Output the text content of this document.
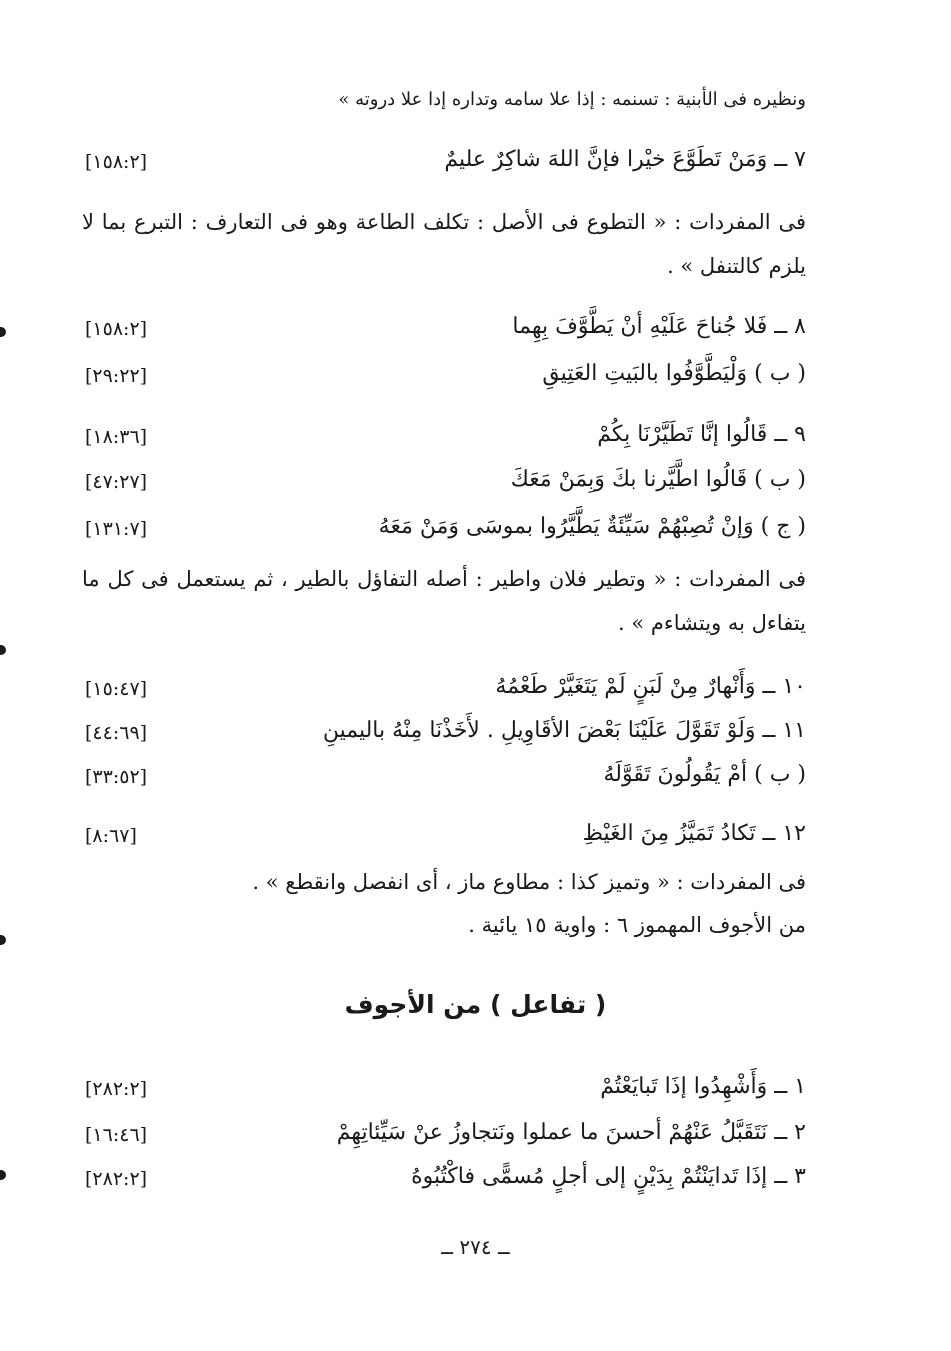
ونظيره فى الأبنية : تسنمه : إذا علا سامه وتداره إدا علا دروته »
٧ ــ وَمَنْ تَطَوَّعَ خيْرا فإنَّ اللهَ شاكِرٌ عليمٌ
[١٥٨:٢]
فى المفردات : « التطوع فى الأصل : تكلف الطاعة وهو فى التعارف : التبرع بما لا يلزم كالتنفل » .
٨ ــ فَلا جُناحَ عَلَيْهِ أنْ يَطَّوَّفَ بِهِما
[١٥٨:٢]
( ب ) وَلْيَطَّوَّفُوا بالبَيتِ العَتِيقِ
[٢٩:٢٢]
٩ ــ قَالُوا إنَّا تَطَيَّرْنَا بِكُمْ
[١٨:٣٦]
( ب ) قَالُوا اطَّيَّرنا بكَ وَبِمَنْ مَعَكَ
[٤٧:٢٧]
( ج ) وَإنْ تُصِبْهُمْ سَيِّئَةٌ يَطَّيَّرُوا بموسَى وَمَنْ مَعَهُ
[١٣١:٧]
فى المفردات : « وتطير فلان واطير : أصله التفاؤل بالطير ، ثم يستعمل فى كل ما يتفاءل به ويتشاءم » .
١٠ ــ وَأَنْهارٌ مِنْ لَبَنٍ لَمْ يَتَغَيَّرْ طَعْمُهُ
[١٥:٤٧]
١١ ــ وَلَوْ تَقَوَّلَ عَلَيْنَا بَعْضَ الأقَاوِيلِ . لأَخَذْنَا مِنْهُ باليمينِ
[٤٤:٦٩]
( ب ) أمْ يَقُولُونَ تَقَوَّلَهُ
[٣٣:٥٢]
١٢ ــ تَكادُ تَمَيَّزُ مِنَ الغَيْظِ
[٨:٦٧]
فى المفردات : « وتميز كذا : مطاوع ماز ، أى انفصل وانقطع » .
من الأجوف المهموز ٦ : واوية ١٥ يائية .
( تفاعل ) من الأجوف
١ ــ وَأَشْهِدُوا إذَا تَبايَعْتُمْ
[٢٨٢:٢]
٢ ــ نَتَقَبَّلُ عَنْهُمْ أحسنَ ما عملوا ونَتجاوزُ عنْ سَيِّئاتِهِمْ
[١٦:٤٦]
٣ ــ إذَا تَدايَنْتُمْ بِدَيْنٍ إلى أجلٍ مُسمًّى فاكْتُبُوهُ
[٢٨٢:٢]
ــ ٢٧٤ ــ
